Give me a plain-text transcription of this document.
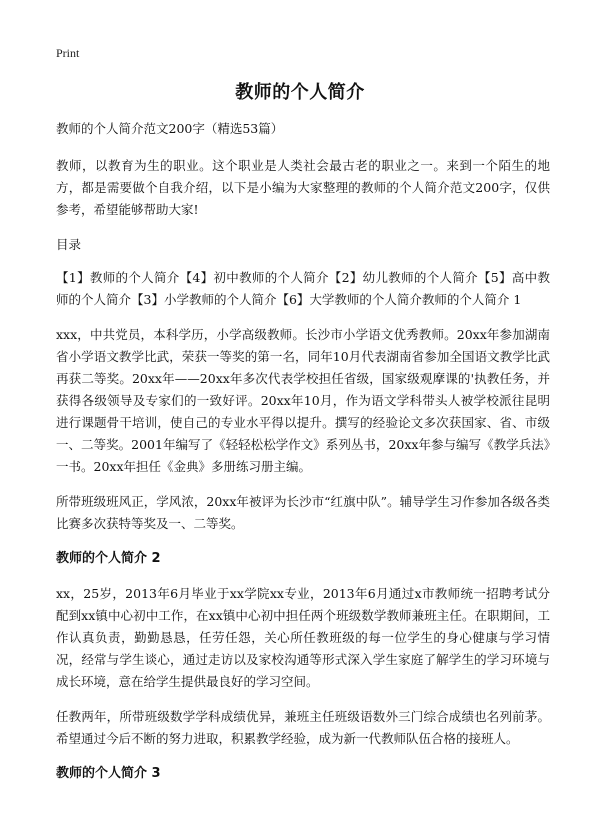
Print
教师的个人简介

教师的个人简介范文200字（精选53篇）

教师，以教育为生的职业。这个职业是人类社会最古老的职业之一。来到一个陌生的地方，都是需要做个自我介绍，以下是小编为大家整理的教师的个人简介范文200字，仅供参考，希望能够帮助大家!

目录

【1】教师的个人简介【4】初中教师的个人简介【2】幼儿教师的个人简介【5】高中教师的个人简介【3】小学教师的个人简介【6】大学教师的个人简介教师的个人简介 1

xxx，中共党员，本科学历，小学高级教师。长沙市小学语文优秀教师。20xx年参加湖南省小学语文教学比武，荣获一等奖的第一名，同年10月代表湖南省参加全国语文教学比武再获二等奖。20xx年——20xx年多次代表学校担任省级，国家级观摩课的'执教任务，并获得各级领导及专家们的一致好评。20xx年10月，作为语文学科带头人被学校派往昆明进行课题骨干培训，使自己的专业水平得以提升。撰写的经验论文多次获国家、省、市级一、二等奖。2001年编写了《轻轻松松学作文》系列丛书，20xx年参与编写《教学兵法》一书。20xx年担任《金典》多册练习册主编。

所带班级班风正，学风浓，20xx年被评为长沙市“红旗中队”。辅导学生习作参加各级各类比赛多次获特等奖及一、二等奖。

教师的个人简介 2

xx，25岁，2013年6月毕业于xx学院xx专业，2013年6月通过x市教师统一招聘考试分配到xx镇中心初中工作，在xx镇中心初中担任两个班级数学教师兼班主任。在职期间，工作认真负责，勤勤恳恳，任劳任怨，关心所任教班级的每一位学生的身心健康与学习情况，经常与学生谈心，通过走访以及家校沟通等形式深入学生家庭了解学生的学习环境与成长环境，意在给学生提供最良好的学习空间。

任教两年，所带班级数学学科成绩优异，兼班主任班级语数外三门综合成绩也名列前茅。希望通过今后不断的努力进取，积累教学经验，成为新一代教师队伍合格的接班人。

教师的个人简介 3
